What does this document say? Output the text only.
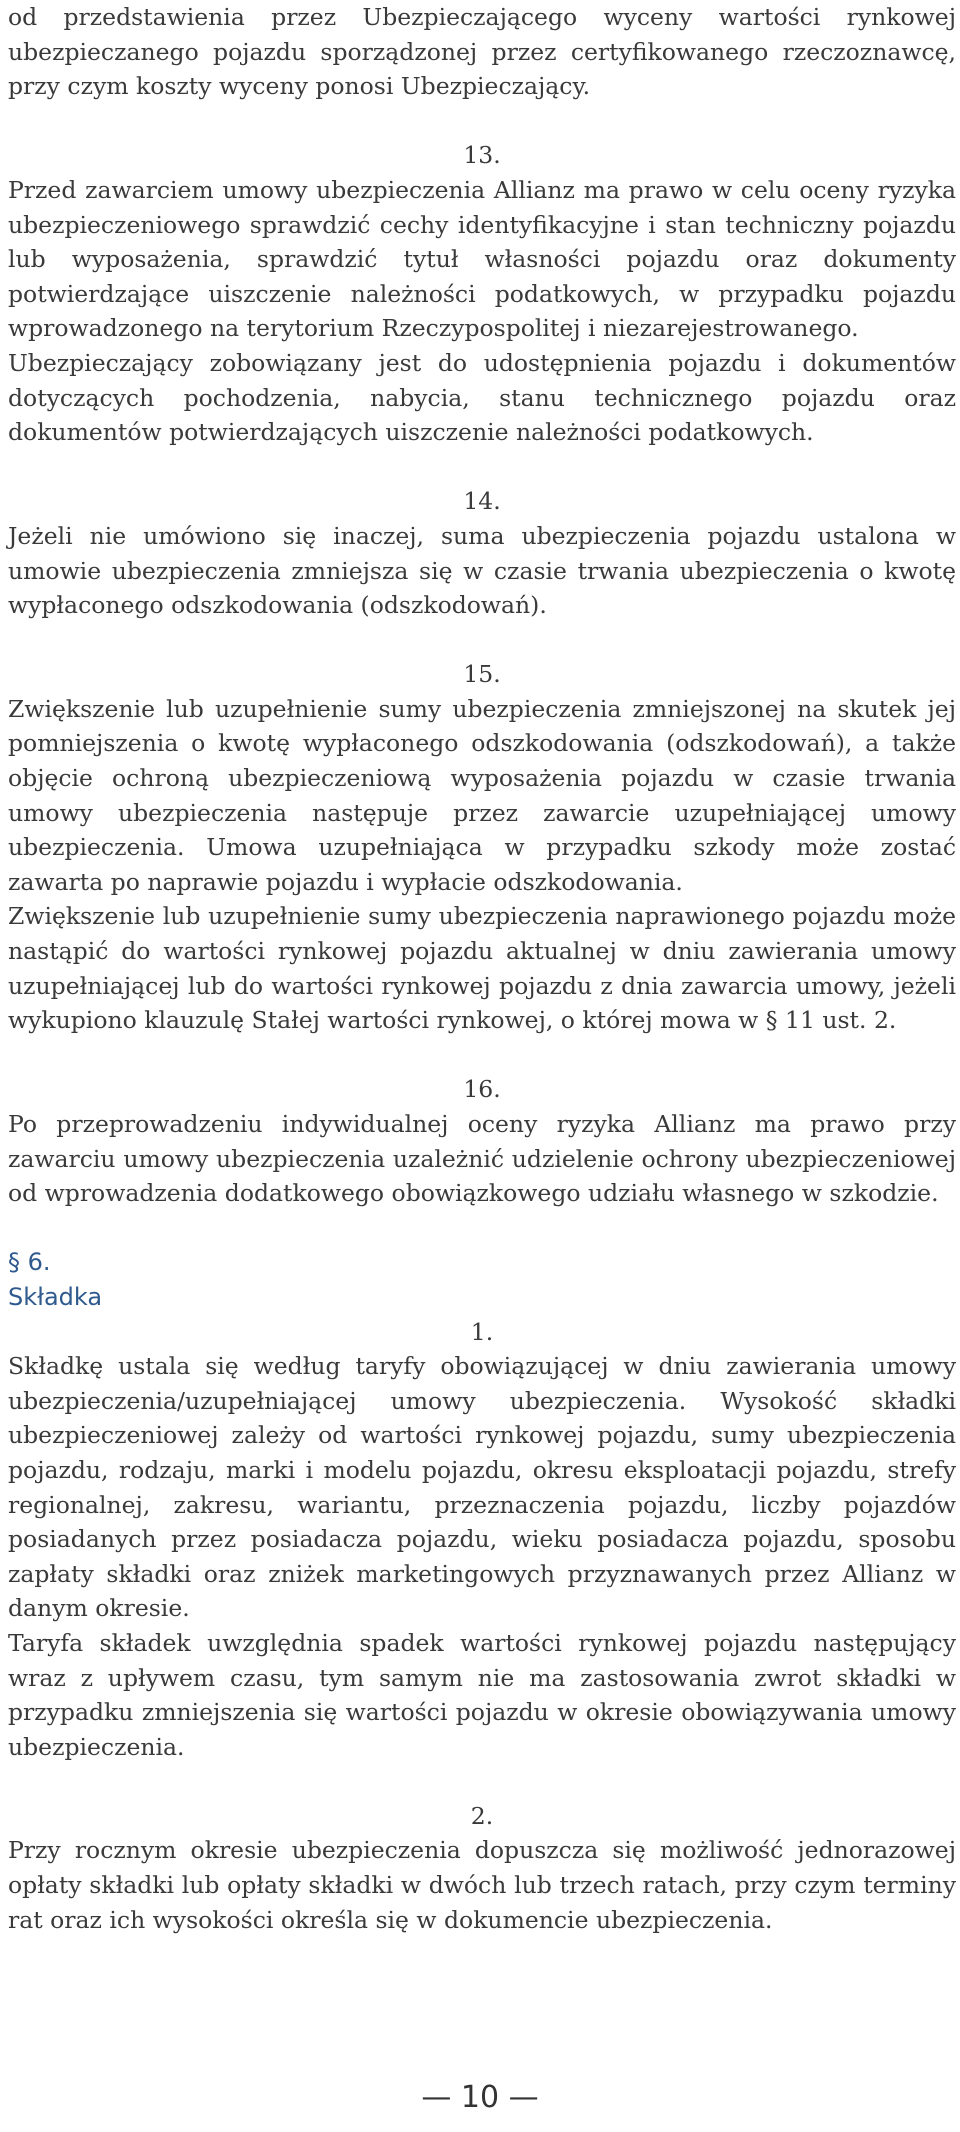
od przedstawienia przez Ubezpieczającego wyceny wartości rynkowej ubezpieczanego pojazdu sporządzonej przez certyfikowanego rzeczoznawcę, przy czym koszty wyceny ponosi Ubezpieczający.

13.

Przed zawarciem umowy ubezpieczenia Allianz ma prawo w celu oceny ryzyka ubezpieczeniowego sprawdzić cechy identyfikacyjne i stan techniczny pojazdu lub wyposażenia, sprawdzić tytuł własności pojazdu oraz dokumenty potwierdzające uiszczenie należności podatkowych, w przypadku pojazdu wprowadzonego na terytorium Rzeczypospolitej i niezarejestrowanego.

Ubezpieczający zobowiązany jest do udostępnienia pojazdu i dokumentów dotyczących pochodzenia, nabycia, stanu technicznego pojazdu oraz dokumentów potwierdzających uiszczenie należności podatkowych.

14.

Jeżeli nie umówiono się inaczej, suma ubezpieczenia pojazdu ustalona w umowie ubezpieczenia zmniejsza się w czasie trwania ubezpieczenia o kwotę wypłaconego odszkodowania (odszkodowań).

15.

Zwiększenie lub uzupełnienie sumy ubezpieczenia zmniejszonej na skutek jej pomniejszenia o kwotę wypłaconego odszkodowania (odszkodowań), a także objęcie ochroną ubezpieczeniową wyposażenia pojazdu w czasie trwania umowy ubezpieczenia następuje przez zawarcie uzupełniającej umowy ubezpieczenia. Umowa uzupełniająca w przypadku szkody może zostać zawarta po naprawie pojazdu i wypłacie odszkodowania.

Zwiększenie lub uzupełnienie sumy ubezpieczenia naprawionego pojazdu może nastąpić do wartości rynkowej pojazdu aktualnej w dniu zawierania umowy uzupełniającej lub do wartości rynkowej pojazdu z dnia zawarcia umowy, jeżeli wykupiono klauzulę Stałej wartości rynkowej, o której mowa w § 11 ust. 2.

16.

Po przeprowadzeniu indywidualnej oceny ryzyka Allianz ma prawo przy zawarciu umowy ubezpieczenia uzależnić udzielenie ochrony ubezpieczeniowej od wprowadzenia dodatkowego obowiązkowego udziału własnego w szkodzie.

§ 6.

Składka

1.

Składkę ustala się według taryfy obowiązującej w dniu zawierania umowy ubezpieczenia/uzupełniającej umowy ubezpieczenia. Wysokość składki ubezpieczeniowej zależy od wartości rynkowej pojazdu, sumy ubezpieczenia pojazdu, rodzaju, marki i modelu pojazdu, okresu eksploatacji pojazdu, strefy regionalnej, zakresu, wariantu, przeznaczenia pojazdu, liczby pojazdów posiadanych przez posiadacza pojazdu, wieku posiadacza pojazdu, sposobu zapłaty składki oraz zniżek marketingowych przyznawanych przez Allianz w danym okresie.

Taryfa składek uwzględnia spadek wartości rynkowej pojazdu następujący wraz z upływem czasu, tym samym nie ma zastosowania zwrot składki w przypadku zmniejszenia się wartości pojazdu w okresie obowiązywania umowy ubezpieczenia.

2.

Przy rocznym okresie ubezpieczenia dopuszcza się możliwość jednorazowej opłaty składki lub opłaty składki w dwóch lub trzech ratach, przy czym terminy rat oraz ich wysokości określa się w dokumencie ubezpieczenia.

— 10 —
